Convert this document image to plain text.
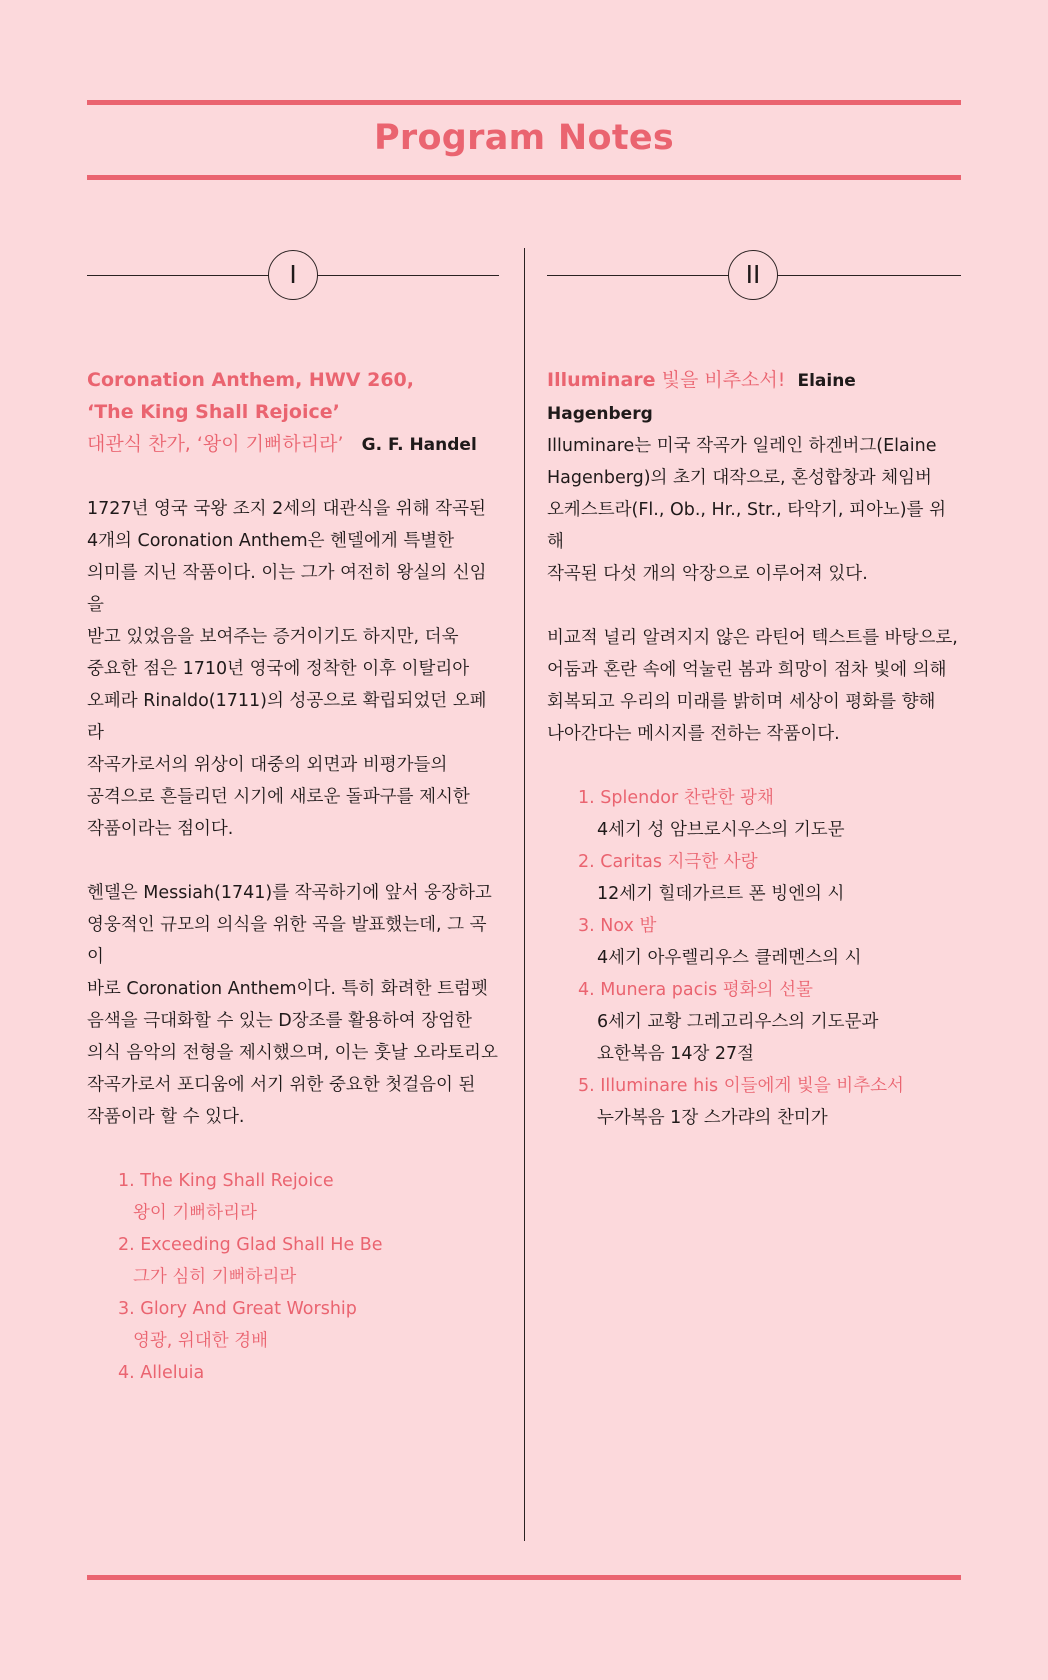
Program Notes
I
Coronation Anthem, HWV 260,
‘The King Shall Rejoice’
대관식 찬가, ‘왕이 기뻐하리라’ G. F. Handel
1727년 영국 국왕 조지 2세의 대관식을 위해 작곡된
4개의 Coronation Anthem은 헨델에게 특별한
의미를 지닌 작품이다. 이는 그가 여전히 왕실의 신임을
받고 있었음을 보여주는 증거이기도 하지만, 더욱
중요한 점은 1710년 영국에 정착한 이후 이탈리아
오페라 Rinaldo(1711)의 성공으로 확립되었던 오페라
작곡가로서의 위상이 대중의 외면과 비평가들의
공격으로 흔들리던 시기에 새로운 돌파구를 제시한
작품이라는 점이다.
헨델은 Messiah(1741)를 작곡하기에 앞서 웅장하고
영웅적인 규모의 의식을 위한 곡을 발표했는데, 그 곡이
바로 Coronation Anthem이다. 특히 화려한 트럼펫
음색을 극대화할 수 있는 D장조를 활용하여 장엄한
의식 음악의 전형을 제시했으며, 이는 훗날 오라토리오
작곡가로서 포디움에 서기 위한 중요한 첫걸음이 된
작품이라 할 수 있다.
1. The King Shall Rejoice
왕이 기뻐하리라
2. Exceeding Glad Shall He Be
그가 심히 기뻐하리라
3. Glory And Great Worship
영광, 위대한 경배
4. Alleluia
II
Illuminare 빛을 비추소서! Elaine Hagenberg
Illuminare는 미국 작곡가 일레인 하겐버그(Elaine
Hagenberg)의 초기 대작으로, 혼성합창과 체임버
오케스트라(Fl., Ob., Hr., Str., 타악기, 피아노)를 위해
작곡된 다섯 개의 악장으로 이루어져 있다.
비교적 널리 알려지지 않은 라틴어 텍스트를 바탕으로,
어둠과 혼란 속에 억눌린 봄과 희망이 점차 빛에 의해
회복되고 우리의 미래를 밝히며 세상이 평화를 향해
나아간다는 메시지를 전하는 작품이다.
1. Splendor 찬란한 광채
4세기 성 암브로시우스의 기도문
2. Caritas 지극한 사랑
12세기 힐데가르트 폰 빙엔의 시
3. Nox 밤
4세기 아우렐리우스 클레멘스의 시
4. Munera pacis 평화의 선물
6세기 교황 그레고리우스의 기도문과
요한복음 14장 27절
5. Illuminare his 이들에게 빛을 비추소서
누가복음 1장 스가랴의 찬미가
